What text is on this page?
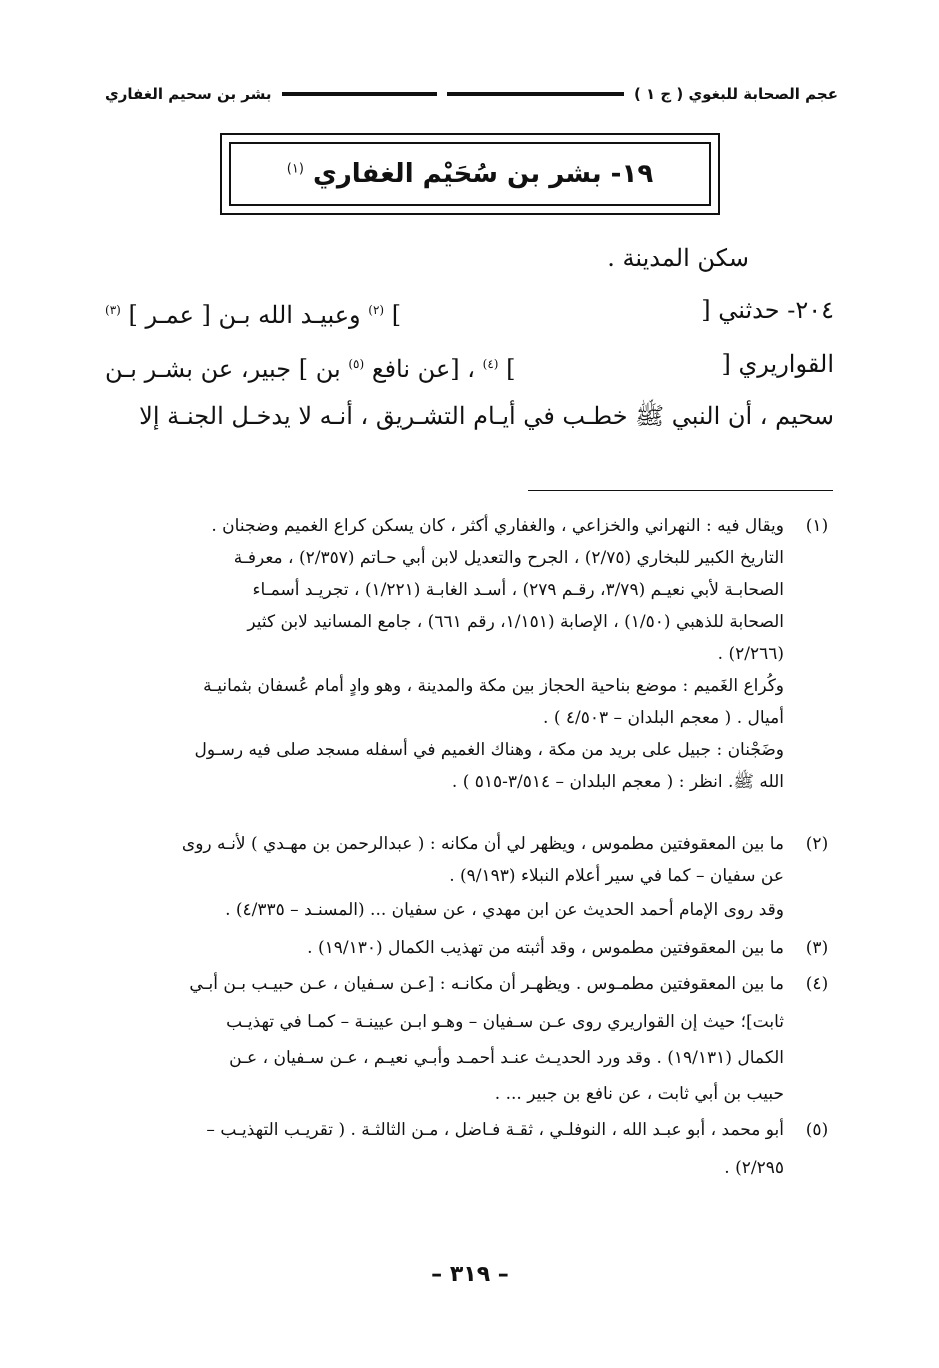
عجم الصحابة للبغوي ( ج ١ )
بشر بن سحيم الغفاري
١٩- بشر بن سُحَيْم الغفاري $^{(١)}$
سكن المدينة .
٢٠٤- حدثني [
] $^{(٢)}$ وعبيـد الله بـن [ عمـر ] $^{(٣)}$
القواريري [
] $^{(٤)}$ ، [عن نافع $^{(٥)}$ بن ] جبير، عن بشـر بـن
سحيم ، أن النبي ﷺ خطـب في أيـام التشـريق ، أنـه لا يدخـل الجنـة إلا
(١)
ويقال فيه : النهراني والخزاعي ، والغفاري أكثر ، كان يسكن كراع الغميم وضجنان .
التاريخ الكبير للبخاري (٢/٧٥) ، الجرح والتعديل لابن أبي حـاتم (٢/٣٥٧) ، معرفـة
الصحابـة لأبي نعيـم (٣/٧٩، رقـم ٢٧٩) ، أسـد الغابـة (١/٢٢١) ، تجريـد أسمـاء
الصحابة للذهبي (١/٥٠) ، الإصابة (١/١٥١، رقم ٦٦١) ، جامع المسانيد لابن كثير
(٢/٢٦٦) .
وكُراع الغَميم : موضع بناحية الحجاز بين مكة والمدينة ، وهو وادٍ أمام عُسفان بثمانيـة
أميال . ( معجم البلدان – ٤/٥٠٣ ) .
وضَجْنان : جبيل على بريد من مكة ، وهناك الغميم في أسفله مسجد صلى فيه رسـول
الله ﷺ. انظر : ( معجم البلدان – ٣/٥١٤-٥١٥ ) .
(٢)
ما بين المعقوفتين مطموس ، ويظهر لي أن مكانه : ( عبدالرحمن بن مهـدي ) لأنـه روى
عن سفيان – كما في سير أعلام النبلاء (٩/١٩٣) .
وقد روى الإمام أحمد الحديث عن ابن مهدي ، عن سفيان ... (المسنـد – ٤/٣٣٥) .
(٣)
ما بين المعقوفتين مطموس ، وقد أثبته من تهذيب الكمال (١٩/١٣٠) .
(٤)
ما بين المعقوفتين مطمـوس . ويظهـر أن مكانـه : [عـن سـفيان ، عـن حبيـب بـن أبـي
ثابت]؛ حيث إن القواريري روى عـن سـفيان – وهـو ابـن عيينـة – كمـا في تهذيـب
الكمال (١٩/١٣١) . وقد ورد الحديـث عنـد أحمـد وأبـي نعيـم ، عـن سـفيان ، عـن
حبيب بن أبي ثابت ، عن نافع بن جبير ... .
(٥)
أبو محمد ، أبو عبـد الله ، النوفلـي ، ثقـة فـاضل ، مـن الثالثـة . ( تقريـب التهذيـب –
٢/٢٩٥) .
– ٣١٩ –
